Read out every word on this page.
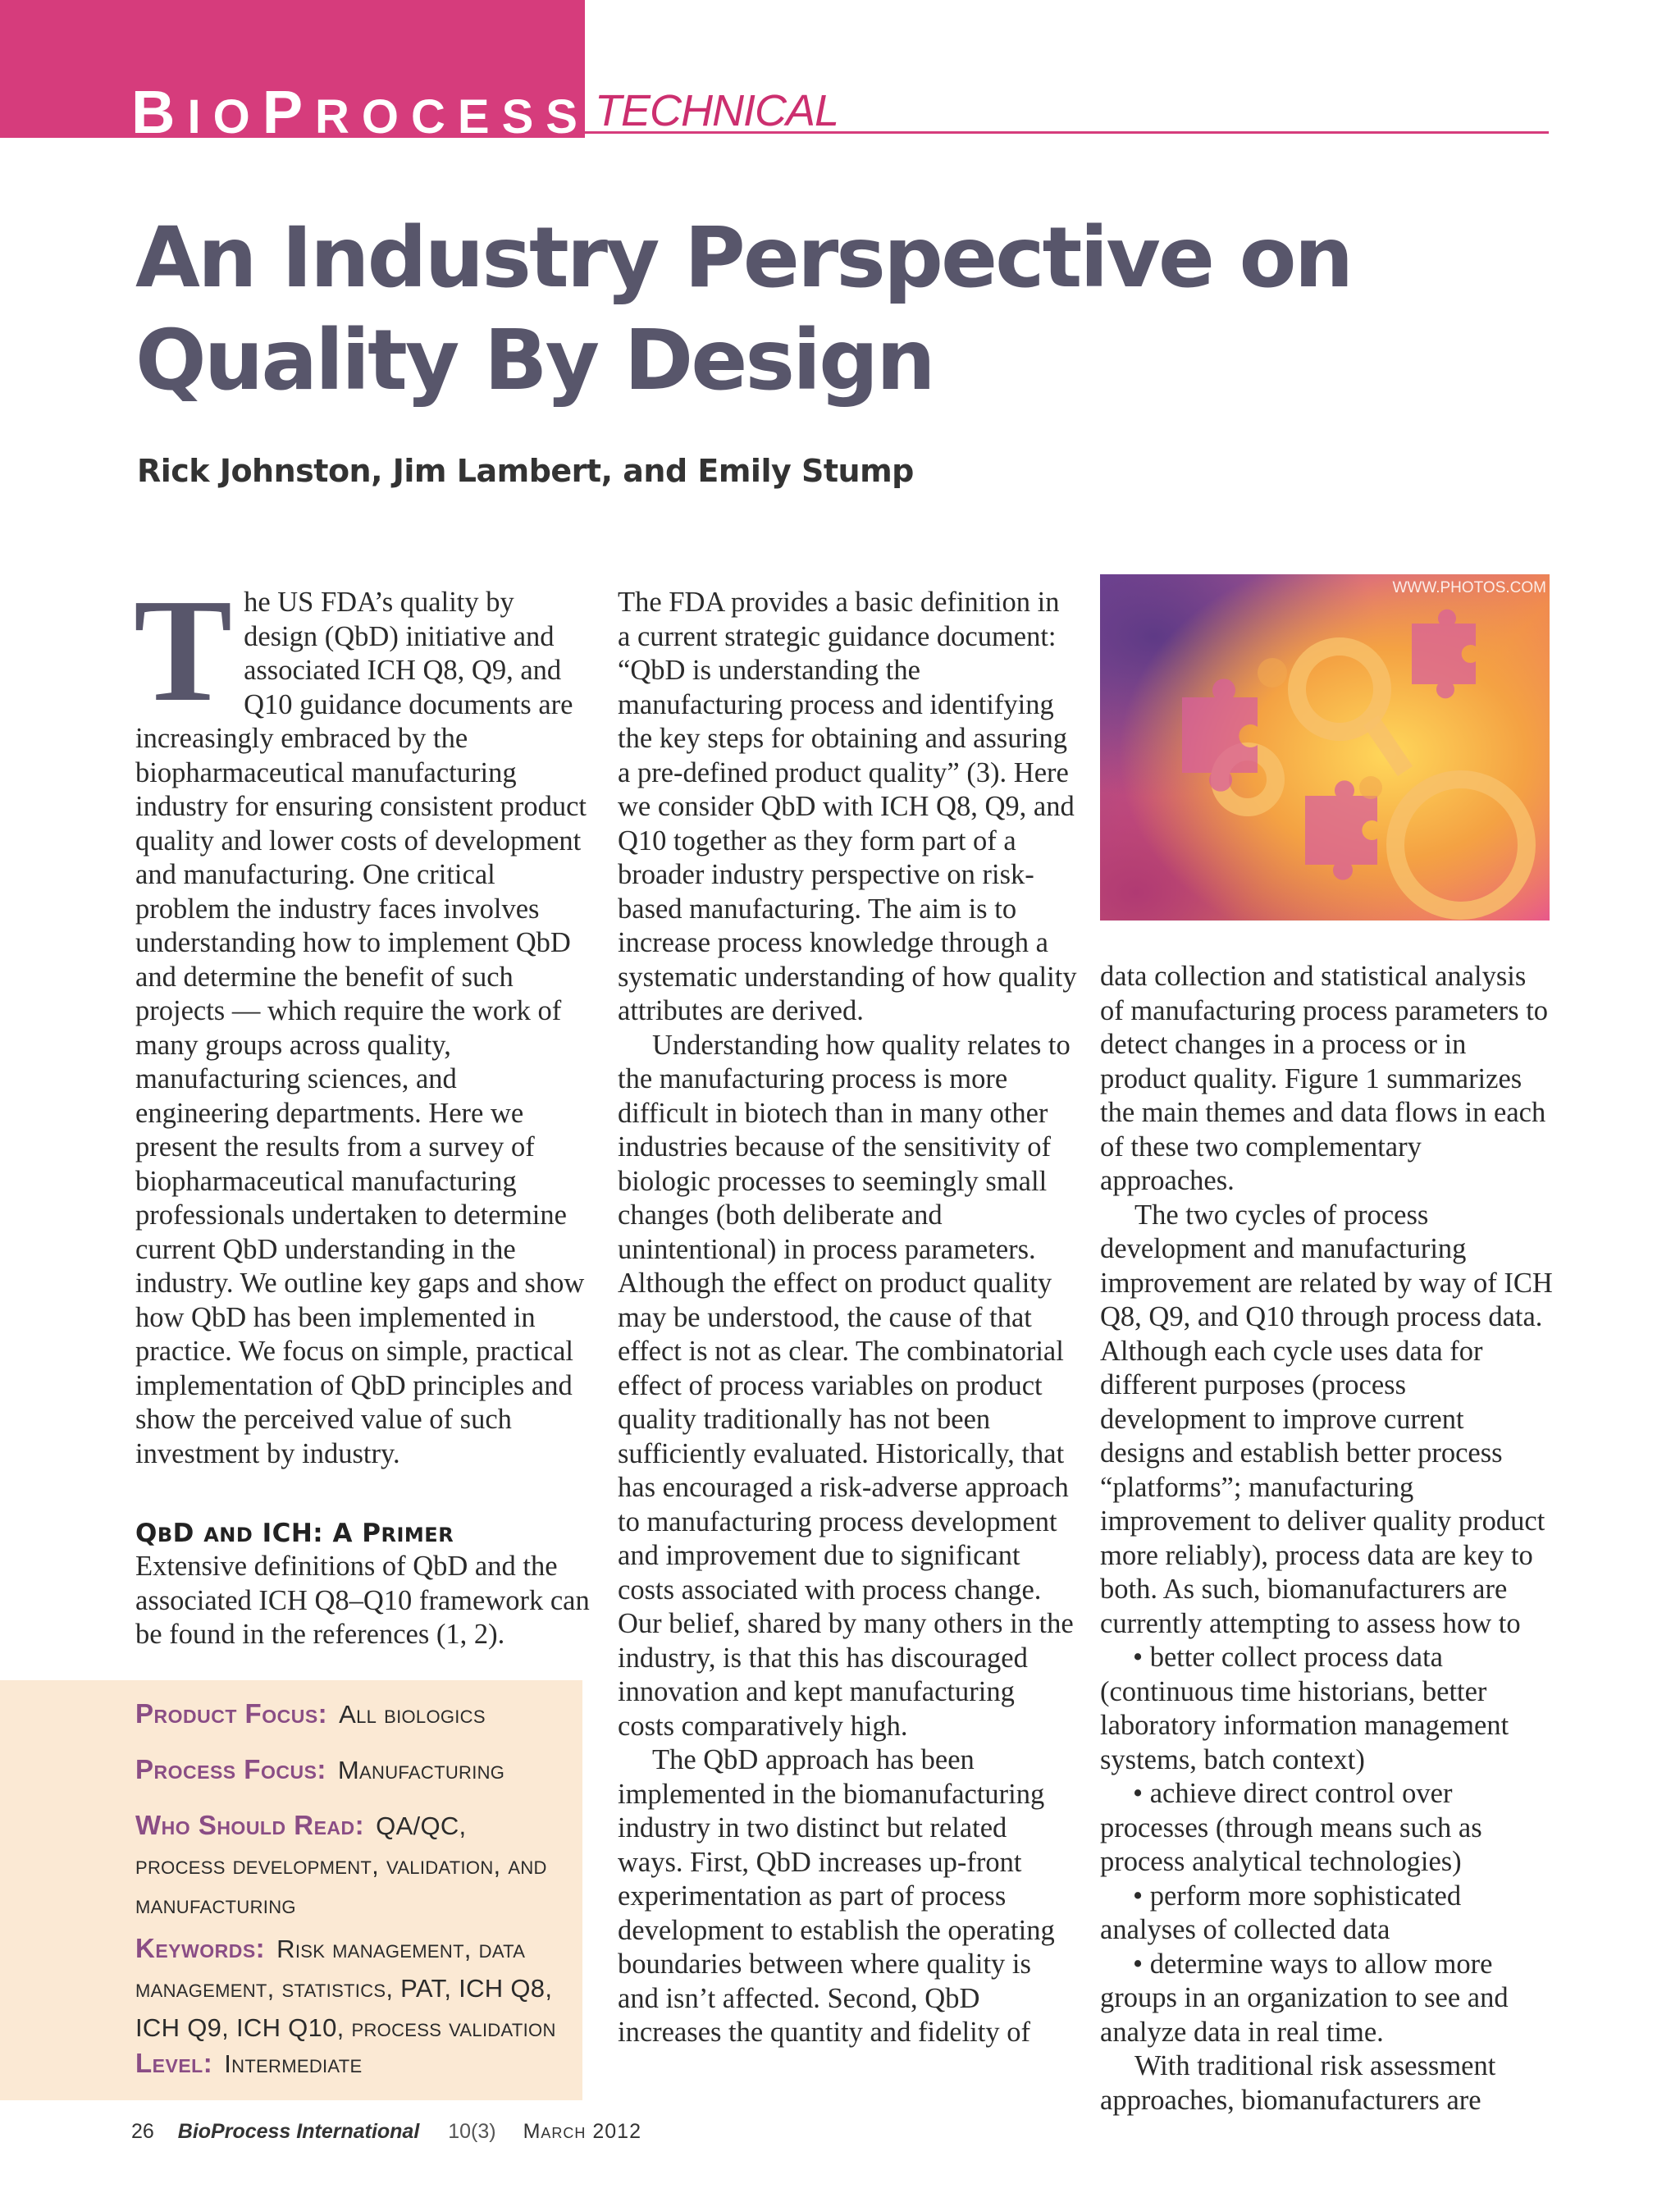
BIOPROCESS TECHNICAL
An Industry Perspective on Quality By Design
Rick Johnston, Jim Lambert, and Emily Stump

The US FDA’s quality by design (QbD) initiative and associated ICH Q8, Q9, and Q10 guidance documents are increasingly embraced by the biopharmaceutical manufacturing industry for ensuring consistent product quality and lower costs of development and manufacturing. One critical problem the industry faces involves understanding how to implement QbD and determine the benefit of such projects — which require the work of many groups across quality, manufacturing sciences, and engineering departments. Here we present the results from a survey of biopharmaceutical manufacturing professionals undertaken to determine current QbD understanding in the industry. We outline key gaps and show how QbD has been implemented in practice. We focus on simple, practical implementation of QbD principles and show the perceived value of such investment by industry.

QBD AND ICH: A PRIMER

Extensive definitions of QbD and the associated ICH Q8–Q10 framework can be found in the references (1, 2).

The FDA provides a basic definition in a current strategic guidance document: “QbD is understanding the manufacturing process and identifying the key steps for obtaining and assuring a pre-defined product quality” (3). Here we consider QbD with ICH Q8, Q9, and Q10 together as they form part of a broader industry perspective on risk-based manufacturing. The aim is to increase process knowledge through a systematic understanding of how quality attributes are derived.

Understanding how quality relates to the manufacturing process is more difficult in biotech than in many other industries because of the sensitivity of biologic processes to seemingly small changes (both deliberate and unintentional) in process parameters. Although the effect on product quality may be understood, the cause of that effect is not as clear. The combinatorial effect of process variables on product quality traditionally has not been sufficiently evaluated. Historically, that has encouraged a risk-adverse approach to manufacturing process development and improvement due to significant costs associated with process change. Our belief, shared by many others in the industry, is that this has discouraged innovation and kept manufacturing costs comparatively high.

The QbD approach has been implemented in the biomanufacturing industry in two distinct but related ways. First, QbD increases up-front experimentation as part of process development to establish the operating boundaries between where quality is and isn’t affected. Second, QbD increases the quantity and fidelity of

WWW.PHOTOS.COM

data collection and statistical analysis of manufacturing process parameters to detect changes in a process or in product quality. Figure 1 summarizes the main themes and data flows in each of these two complementary approaches.

The two cycles of process development and manufacturing improvement are related by way of ICH Q8, Q9, and Q10 through process data. Although each cycle uses data for different purposes (process development to improve current designs and establish better process “platforms”; manufacturing improvement to deliver quality product more reliably), process data are key to both. As such, biomanufacturers are currently attempting to assess how to

• better collect process data (continuous time historians, better laboratory information management systems, batch context)
• achieve direct control over processes (through means such as process analytical technologies)
• perform more sophisticated analyses of collected data
• determine ways to allow more groups in an organization to see and analyze data in real time.

With traditional risk assessment approaches, biomanufacturers are

Product Focus: All biologics
Process Focus: Manufacturing
Who Should Read: QA/QC, process development, validation, and manufacturing
Keywords: Risk management, data management, statistics, PAT, ICH Q8, ICH Q9, ICH Q10, process validation
Level: Intermediate
26 BioProcess International 10(3) March 2012
